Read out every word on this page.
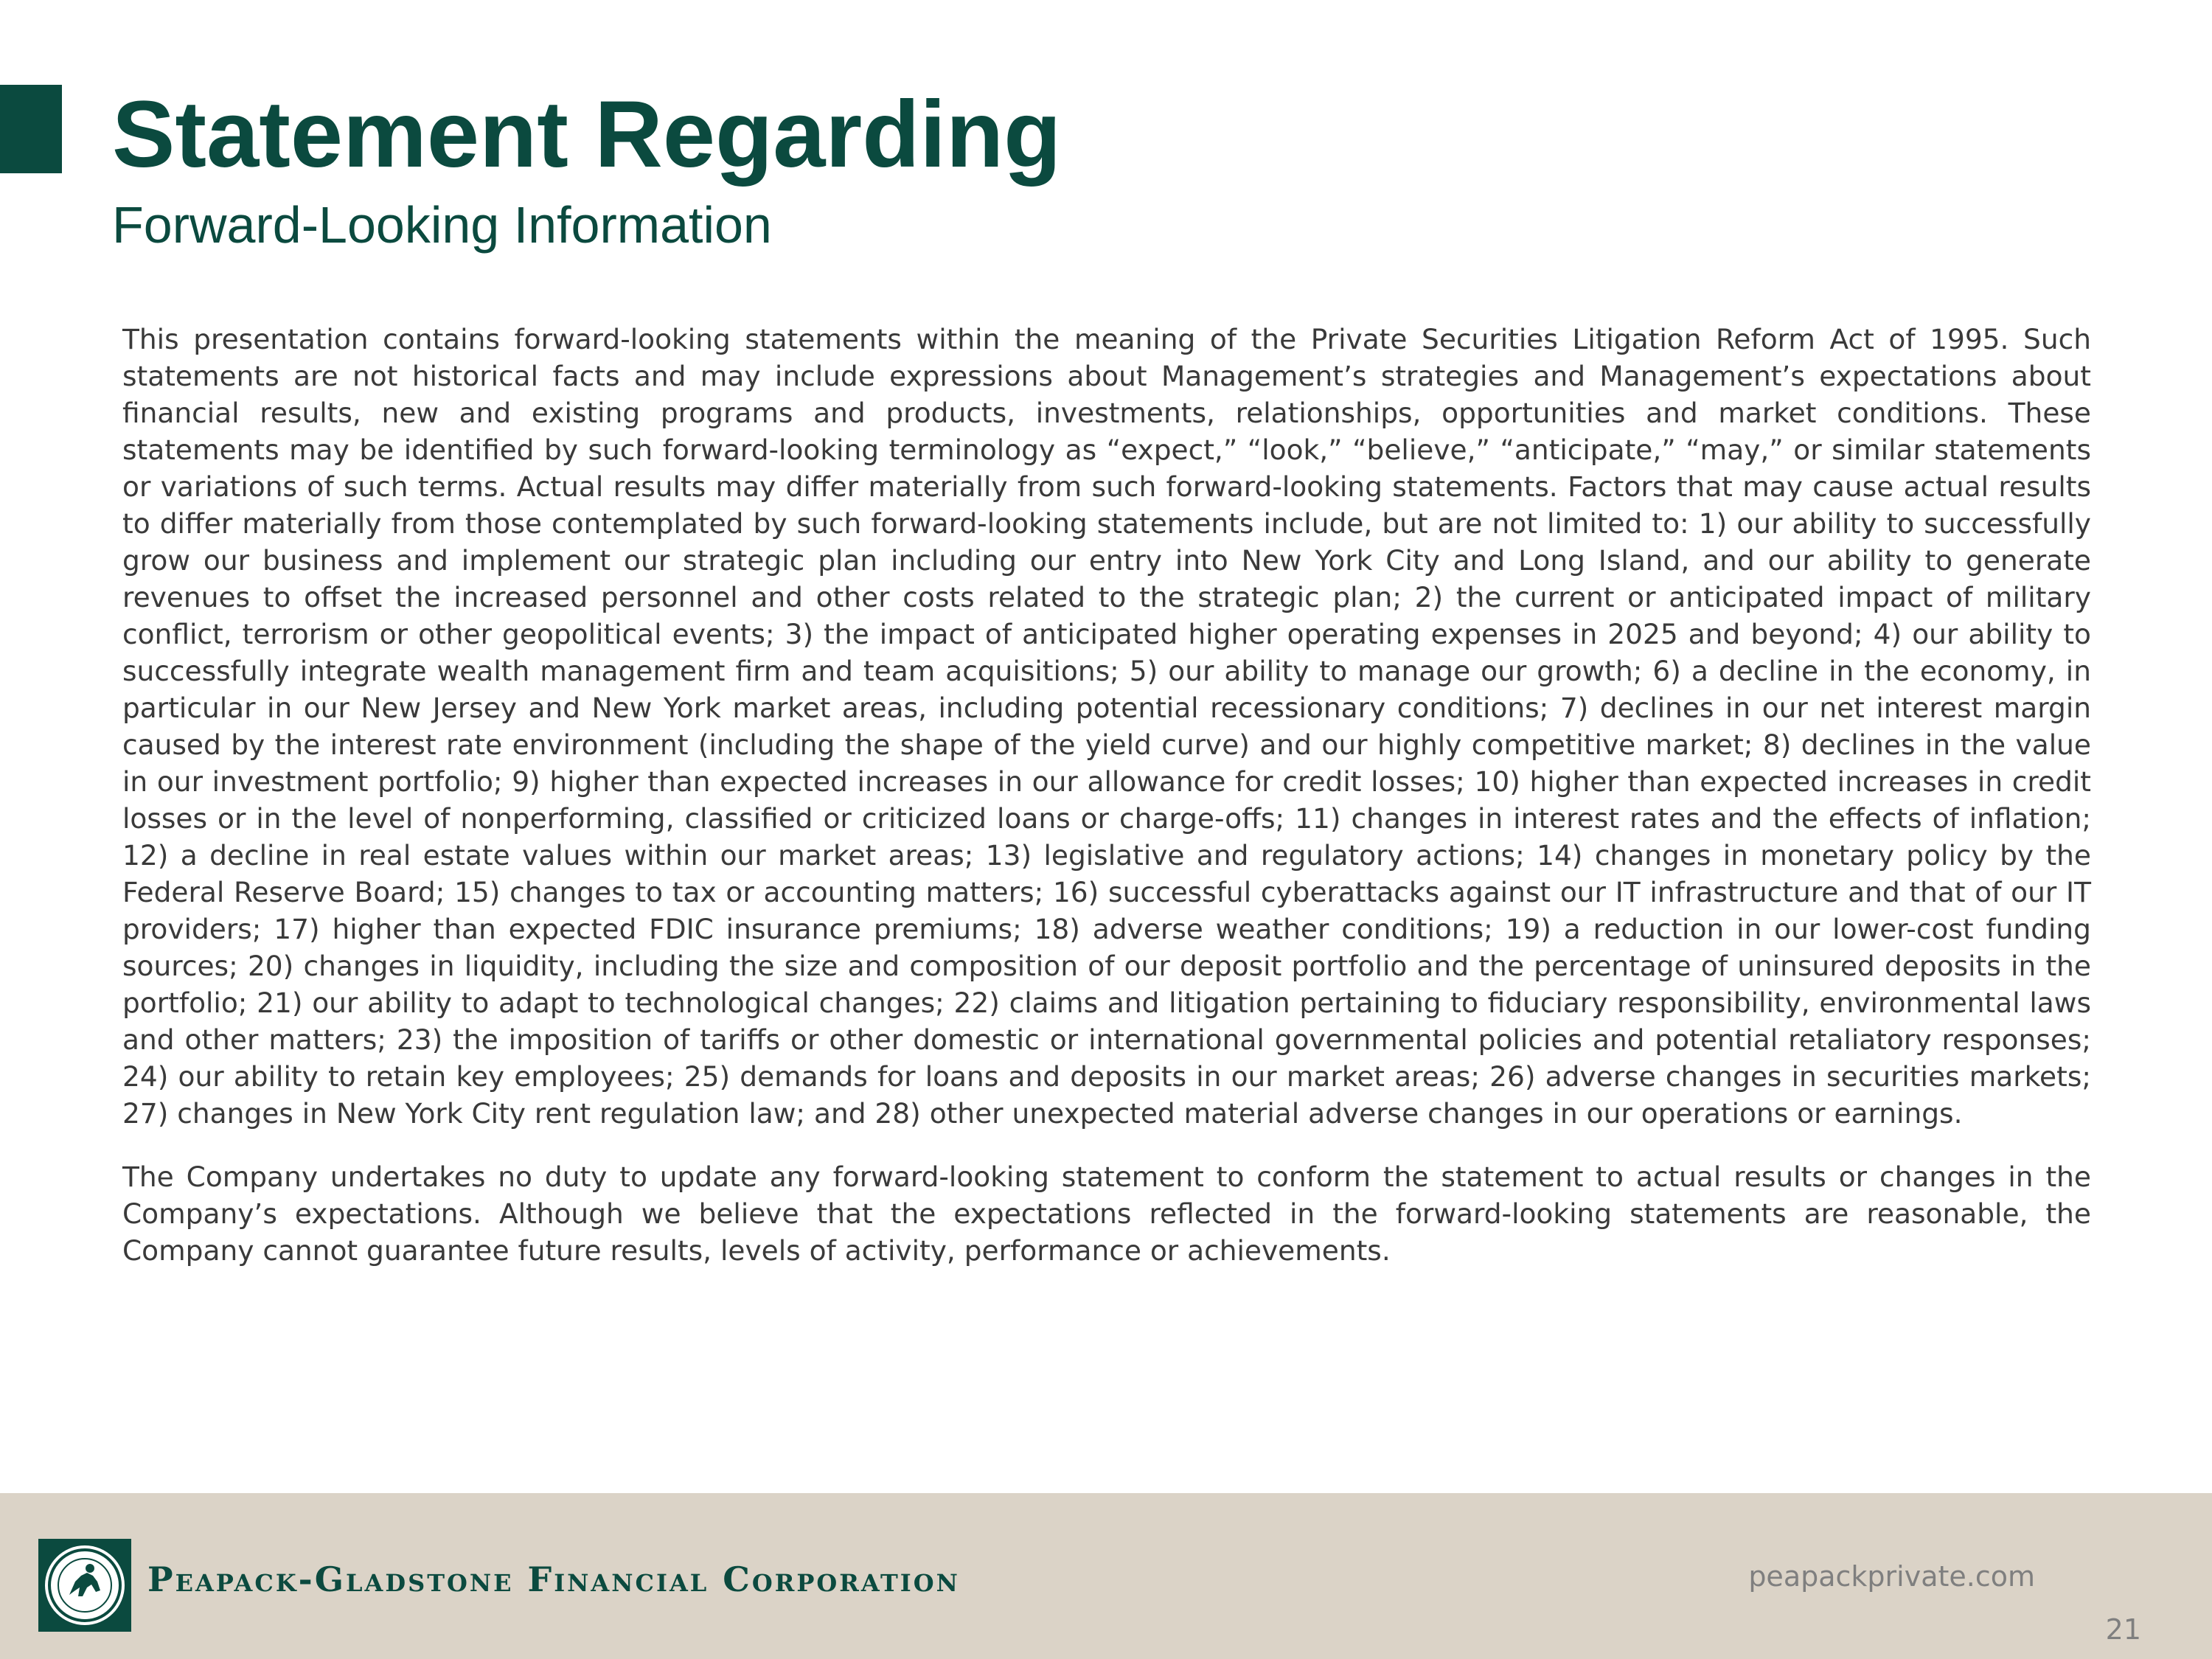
Statement Regarding
Forward-Looking Information

This presentation contains forward-looking statements within the meaning of the Private Securities Litigation Reform Act of 1995. Such statements are not historical facts and may include expressions about Management’s strategies and Management’s expectations about financial results, new and existing programs and products, investments, relationships, opportunities and market conditions. These statements may be identified by such forward-looking terminology as “expect,” “look,” “believe,” “anticipate,” “may,” or similar statements or variations of such terms. Actual results may differ materially from such forward-looking statements. Factors that may cause actual results to differ materially from those contemplated by such forward-looking statements include, but are not limited to: 1) our ability to successfully grow our business and implement our strategic plan including our entry into New York City and Long Island, and our ability to generate revenues to offset the increased personnel and other costs related to the strategic plan; 2) the current or anticipated impact of military conflict, terrorism or other geopolitical events; 3) the impact of anticipated higher operating expenses in 2025 and beyond; 4) our ability to successfully integrate wealth management firm and team acquisitions; 5) our ability to manage our growth; 6) a decline in the economy, in particular in our New Jersey and New York market areas, including potential recessionary conditions; 7) declines in our net interest margin caused by the interest rate environment (including the shape of the yield curve) and our highly competitive market; 8) declines in the value in our investment portfolio; 9) higher than expected increases in our allowance for credit losses; 10) higher than expected increases in credit losses or in the level of nonperforming, classified or criticized loans or charge-offs; 11) changes in interest rates and the effects of inflation; 12) a decline in real estate values within our market areas; 13) legislative and regulatory actions; 14) changes in monetary policy by the Federal Reserve Board; 15) changes to tax or accounting matters; 16) successful cyberattacks against our IT infrastructure and that of our IT providers; 17) higher than expected FDIC insurance premiums; 18) adverse weather conditions; 19) a reduction in our lower-cost funding sources; 20) changes in liquidity, including the size and composition of our deposit portfolio and the percentage of uninsured deposits in the portfolio; 21) our ability to adapt to technological changes; 22) claims and litigation pertaining to fiduciary responsibility, environmental laws and other matters; 23) the imposition of tariffs or other domestic or international governmental policies and potential retaliatory responses; 24) our ability to retain key employees; 25) demands for loans and deposits in our market areas; 26) adverse changes in securities markets; 27) changes in New York City rent regulation law; and 28) other unexpected material adverse changes in our operations or earnings.

The Company undertakes no duty to update any forward-looking statement to conform the statement to actual results or changes in the Company’s expectations. Although we believe that the expectations reflected in the forward-looking statements are reasonable, the Company cannot guarantee future results, levels of activity, performance or achievements.

Peapack-Gladstone Financial Corporation	peapackprivate.com
21
